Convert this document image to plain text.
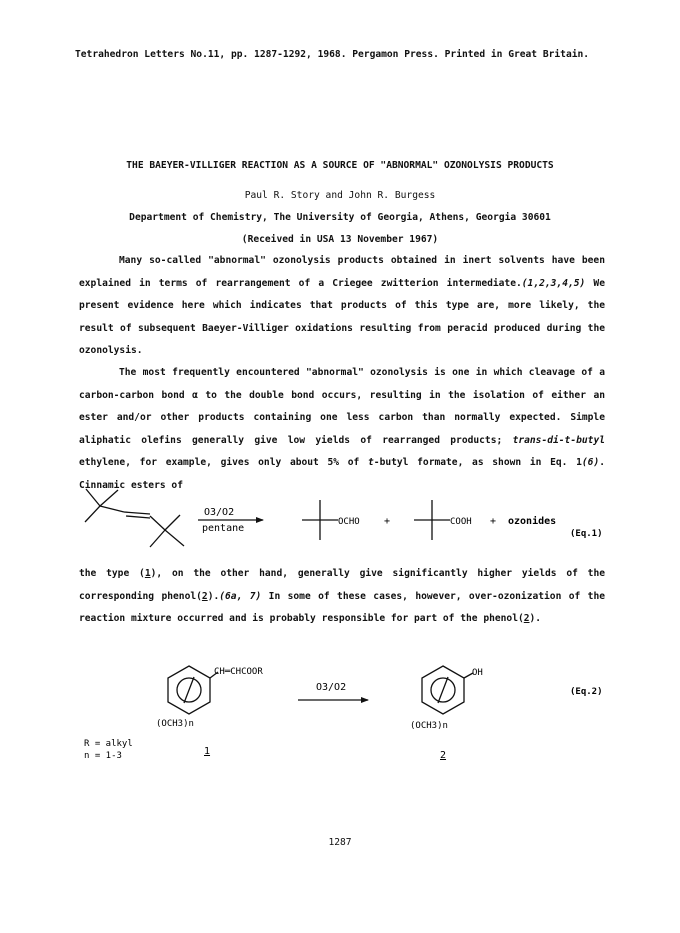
Tetrahedron Letters No.11, pp. 1287-1292, 1968. Pergamon Press. Printed in Great Britain.
THE BAEYER-VILLIGER REACTION AS A SOURCE OF "ABNORMAL" OZONOLYSIS PRODUCTS
Paul R. Story and John R. Burgess
Department of Chemistry, The University of Georgia, Athens, Georgia 30601
(Received in USA 13 November 1967)
Many so-called "abnormal" ozonolysis products obtained in inert solvents have been explained in terms of rearrangement of a Criegee zwitterion intermediate.(1,2,3,4,5) We present evidence here which indicates that products of this type are, more likely, the result of subsequent Baeyer-Villiger oxidations resulting from peracid produced during the ozonolysis.
The most frequently encountered "abnormal" ozonolysis is one in which cleavage of a carbon-carbon bond α to the double bond occurs, resulting in the isolation of either an ester and/or other products containing one less carbon than normally expected. Simple aliphatic olefins generally give low yields of rearranged products; trans-di-t-butyl ethylene, for example, gives only about 5% of t-butyl formate, as shown in Eq. 1(6). Cinnamic esters of
O3/O2
pentane
OCHO +	COOH + ozonides
(Eq.1)
the type (1), on the other hand, generally give significantly higher yields of the corresponding phenol(2).(6a, 7) In some of these cases, however, over-ozonization of the reaction mixture occurred and is probably responsible for part of the phenol(2).
CH═CHCOOR
(OCH3)n
O3/O2
OH
(OCH3)n
(Eq.2)
R = alkyl
n = 1-3	1	2
1287
